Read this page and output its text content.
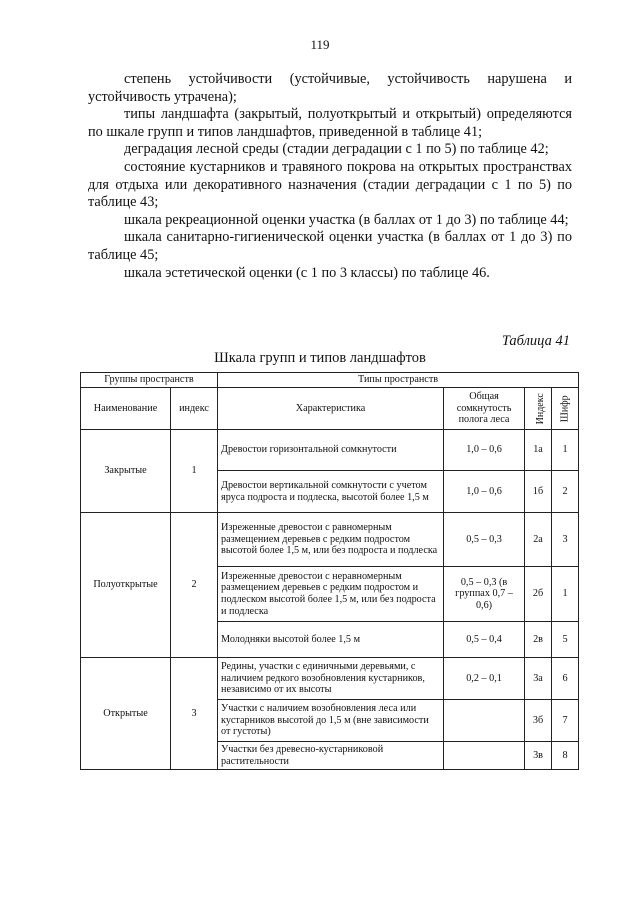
119

степень устойчивости (устойчивые, устойчивость нарушена и устойчивость утрачена);

типы ландшафта (закрытый, полуоткрытый и открытый) определяются по шкале групп и типов ландшафтов, приведенной в таблице 41;

деградация лесной среды (стадии деградации с 1 по 5) по таблице 42;

состояние кустарников и травяного покрова на открытых пространствах для отдыха или декоративного назначения (стадии деградации с 1 по 5) по таблице 43;

шкала рекреационной оценки участка (в баллах от 1 до 3) по таблице 44;

шкала санитарно-гигиенической оценки участка (в баллах от 1 до 3) по таблице 45;

шкала эстетической оценки (с 1 по 3 классы) по таблице 46.

Таблица 41
Шкала групп и типов ландшафтов
Группы пространств		Типы пространств			
Наименование	индекс	Характеристика	Общая сомкнутость полога леса	Индекс	Шифр
Закрытые	1	Древостои горизонтальной сомкнутости	1,0 – 0,6	1а	1
		Древостои вертикальной сомкнутости с учетом яруса подроста и подлеска, высотой более 1,5 м	1,0 – 0,6	1б	2
Полуоткрытые	2	Изреженные древостои с равномерным размещением деревьев с редким подростом высотой более 1,5 м, или без подроста и подлеска	0,5 – 0,3	2а	3
		Изреженные древостои с неравномерным размещением деревьев с редким подростом и подлеском высотой более 1,5 м, или без подроста и подлеска	0,5 – 0,3 (в группах 0,7 – 0,6)	2б	1
		Молодняки высотой более 1,5 м	0,5 – 0,4	2в	5
Открытые	3	Редины, участки с единичными деревьями, с наличием редкого возобновления кустарников, независимо от их высоты	0,2 – 0,1	3а	6
		Участки с наличием возобновления леса или кустарников высотой до 1,5 м (вне зависимости от густоты)		3б	7
		Участки без древесно-кустарниковой растительности		3в	8
